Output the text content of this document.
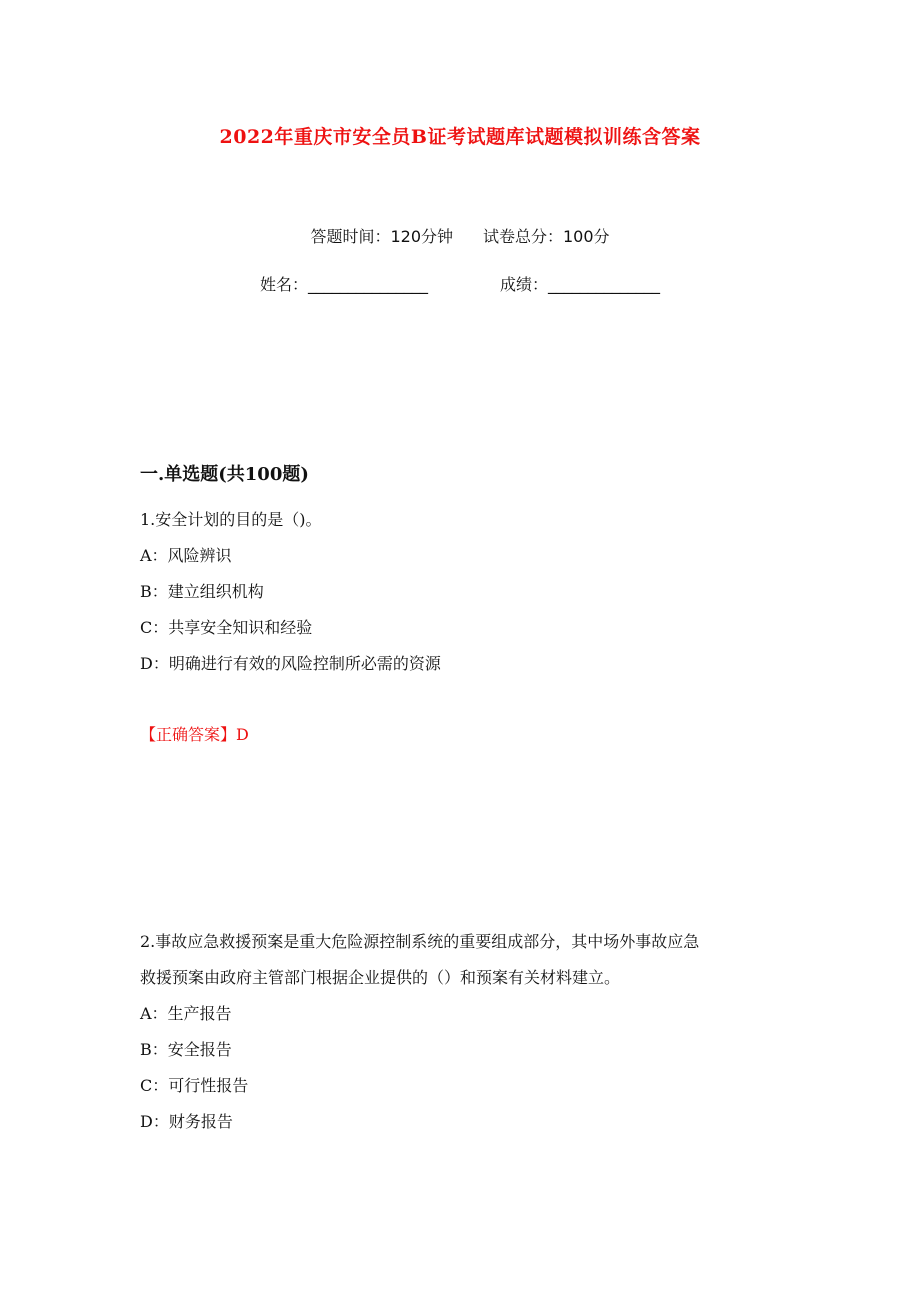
2022年重庆市安全员B证考试题库试题模拟训练含答案
答题时间：120分钟 试卷总分：100分
姓名：_______________	成绩：______________
一.单选题(共100题)
1.安全计划的目的是（)。
A：风险辨识
B：建立组织机构
C：共享安全知识和经验
D：明确进行有效的风险控制所必需的资源
【正确答案】D
2.事故应急救援预案是重大危险源控制系统的重要组成部分，其中场外事故应急
救援预案由政府主管部门根据企业提供的（）和预案有关材料建立。
A：生产报告
B：安全报告
C：可行性报告
D：财务报告
